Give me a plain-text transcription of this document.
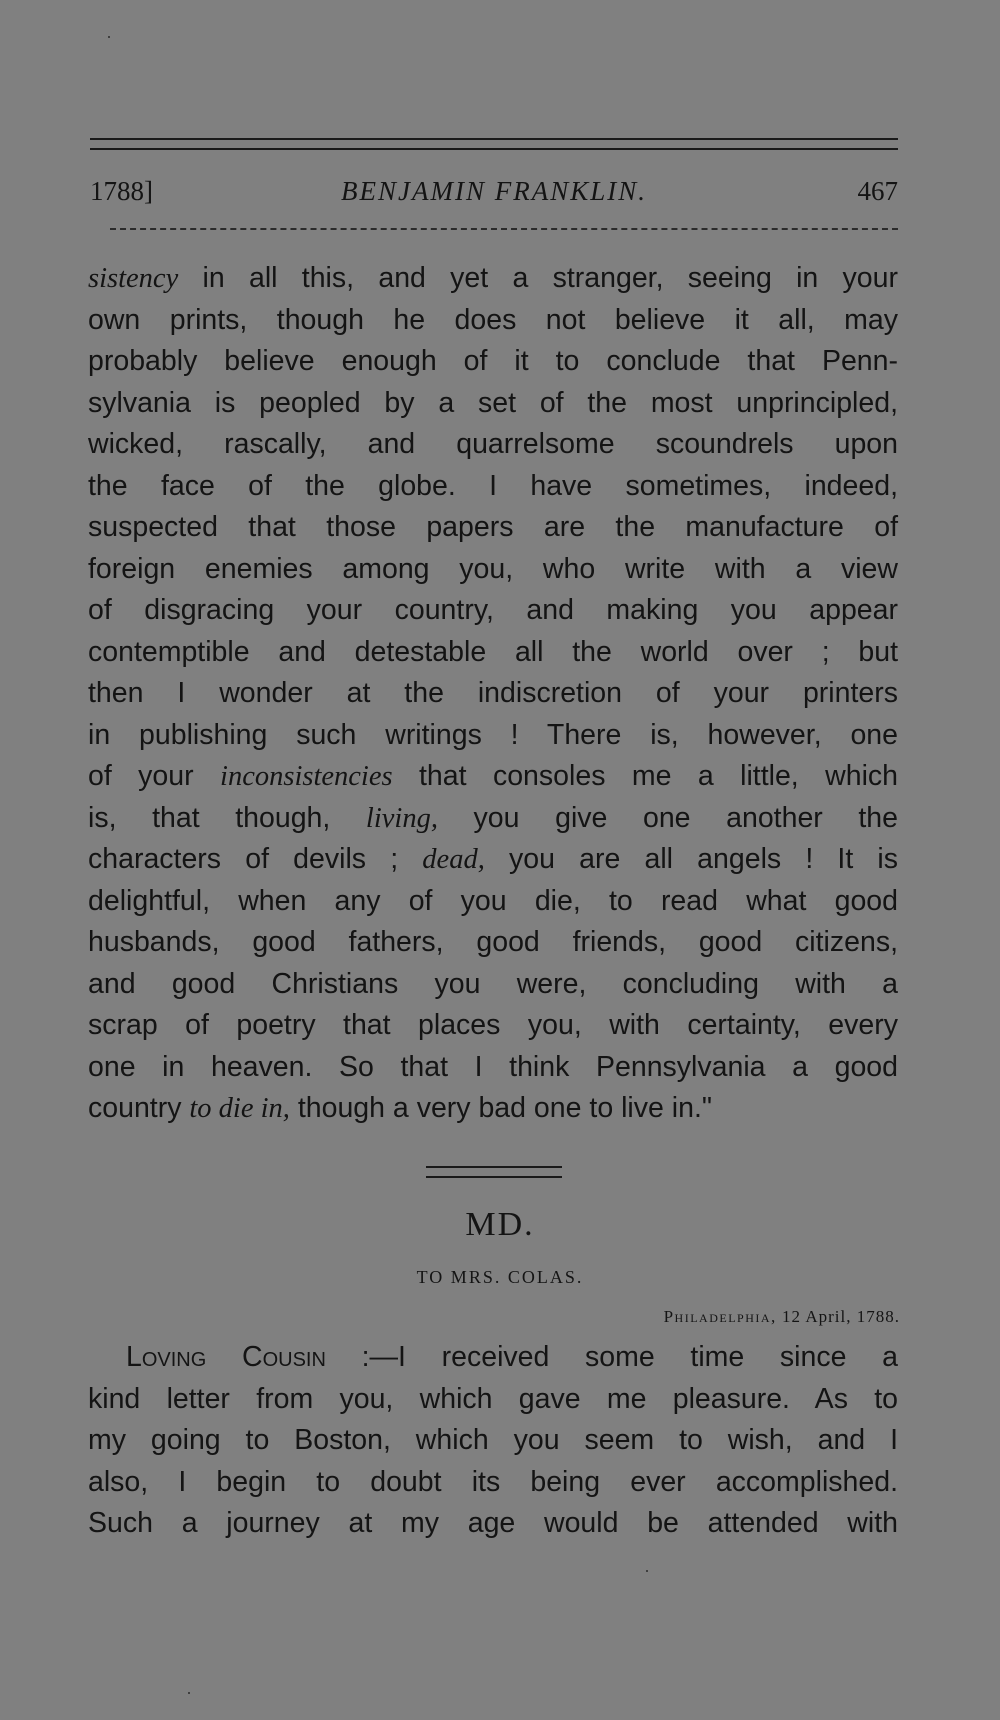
1788]	BENJAMIN FRANKLIN.	467
sistency in all this, and yet a stranger, seeing in your
own prints, though he does not believe it all, may
probably believe enough of it to conclude that Penn-
sylvania is peopled by a set of the most unprincipled,
wicked, rascally, and quarrelsome scoundrels upon
the face of the globe. I have sometimes, indeed,
suspected that those papers are the manufacture of
foreign enemies among you, who write with a view
of disgracing your country, and making you appear
contemptible and detestable all the world over ; but
then I wonder at the indiscretion of your printers
in publishing such writings ! There is, however, one
of your inconsistencies that consoles me a little, which
is, that though, living, you give one another the
characters of devils ; dead, you are all angels ! It is
delightful, when any of you die, to read what good
husbands, good fathers, good friends, good citizens,
and good Christians you were, concluding with a
scrap of poetry that places you, with certainty, every
one in heaven. So that I think Pennsylvania a good
country to die in, though a very bad one to live in."
MD.
TO MRS. COLAS.
Philadelphia, 12 April, 1788.
Loving Cousin :—I received some time since a
kind letter from you, which gave me pleasure. As to
my going to Boston, which you seem to wish, and I
also, I begin to doubt its being ever accomplished.
Such a journey at my age would be attended with
